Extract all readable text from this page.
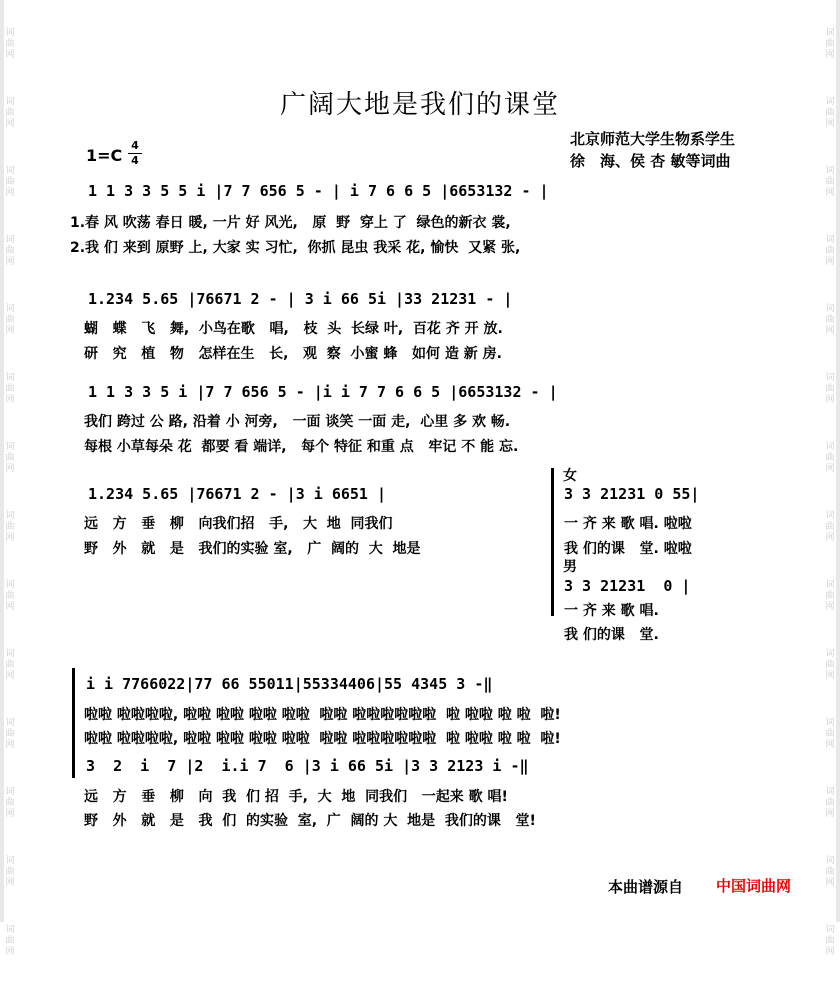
词曲网
词曲网
词曲网
词曲网
词曲网
词曲网
词曲网
词曲网
词曲网
词曲网
词曲网
词曲网
词曲网
词曲网
词曲网
词曲网
词曲网
词曲网
词曲网
词曲网
词曲网
词曲网
词曲网
词曲网
词曲网
词曲网
词曲网
词曲网
广阔大地是我们的课堂
北京师范大学生物系学生
徐　海、侯 杏 敏等词曲
1=C
4
4
1 1 3 3 5 5 i |7 7 656 5 - | i 7 6 6 5 |6653132 - |
1.春 风 吹荡 春日 暖, 一片 好 风光,   原  野  穿上 了  绿色的新衣 裳,
2.我 们 来到 原野 上, 大家 实 习忙,  你抓 昆虫 我采 花, 愉快  又紧 张,
1.234 5.65 |76671 2 - | 3 i 66 5i |33 21231 - |
蝴   蝶   飞   舞,  小鸟在歌   唱,   枝  头  长绿 叶,  百花 齐 开 放.
研   究   植   物   怎样在生   长,   观  察  小蜜 蜂   如何 造 新 房.
1 1 3 3 5 i |7 7 656 5 - |i i 7 7 6 6 5 |6653132 - |
我们 跨过 公 路, 沿着 小 河旁,   一面 谈笑 一面 走,  心里 多 欢 畅.
每根 小草每朵 花  都要 看 端详,   每个 特征 和重 点   牢记 不 能 忘.
1.234 5.65 |76671 2 - |3 i 6651 |
远   方   垂   柳   向我们招   手,   大  地  同我们
野   外   就   是   我们的实验 室,   广  阔的  大  地是
女
3 3 21231 0 55|
一 齐 来 歌 唱. 啦啦
我 们的课   堂. 啦啦
男
3 3 21231  0 |
一 齐 来 歌 唱.
我 们的课   堂.
i i 7766022|77 66 55011|55334406|55 4345 3 -‖
啦啦 啦啦啦啦, 啦啦 啦啦 啦啦 啦啦  啦啦 啦啦啦啦啦啦  啦 啦啦 啦 啦  啦!
啦啦 啦啦啦啦, 啦啦 啦啦 啦啦 啦啦  啦啦 啦啦啦啦啦啦  啦 啦啦 啦 啦  啦!
3  2  i  7 |2  i.i 7  6 |3 i 66 5i |3 3 2123 i -‖
远   方   垂   柳   向  我  们 招  手,  大  地  同我们   一起来 歌 唱!
野   外   就   是   我  们  的实验  室,  广  阔的 大  地是  我们的课   堂!
本曲谱源自 中国词曲网
